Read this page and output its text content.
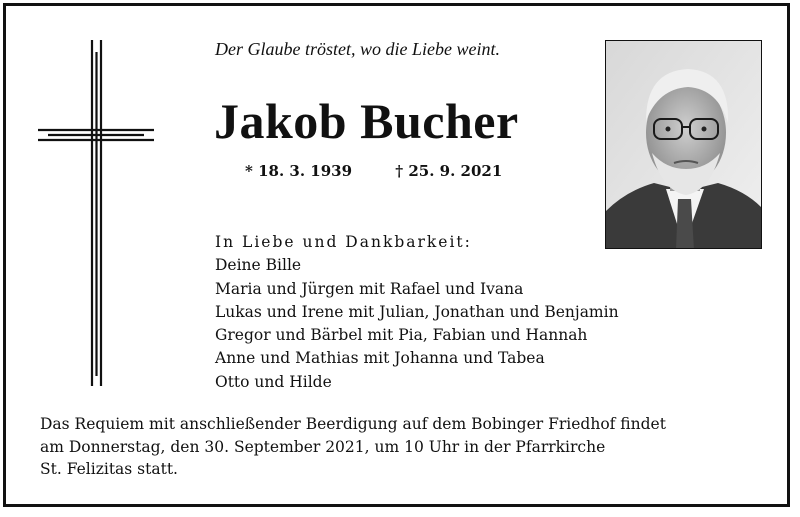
Der Glaube tröstet, wo die Liebe weint.
Jakob Bucher
* 18. 3. 1939	† 25. 9. 2021
In Liebe und Dankbarkeit:
Deine Bille
Maria und Jürgen mit Rafael und Ivana
Lukas und Irene mit Julian, Jonathan und Benjamin
Gregor und Bärbel mit Pia, Fabian und Hannah
Anne und Mathias mit Johanna und Tabea
Otto und Hilde
Das Requiem mit anschließender Beerdigung auf dem Bobinger Friedhof findet
am Donnerstag, den 30. September 2021, um 10 Uhr in der Pfarrkirche
St. Felizitas statt.
